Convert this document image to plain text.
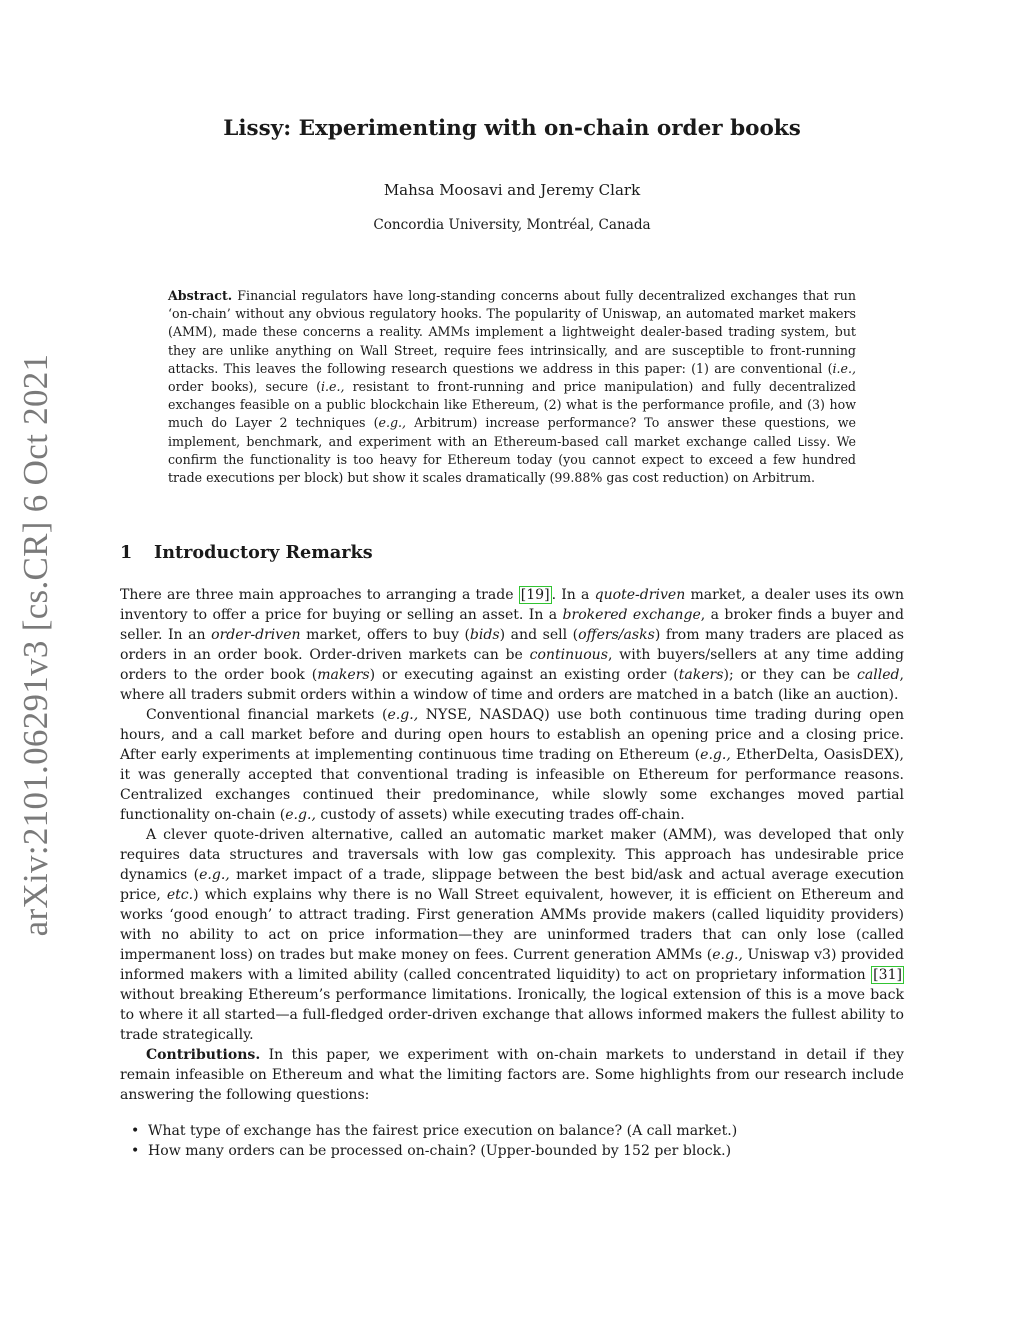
arXiv:2101.06291v3 [cs.CR] 6 Oct 2021
Lissy: Experimenting with on-chain order books
Mahsa Moosavi and Jeremy Clark
Concordia University, Montréal, Canada
Abstract. Financial regulators have long-standing concerns about fully decentralized exchanges that run ‘on-chain’ without any obvious regulatory hooks. The popularity of Uniswap, an automated market makers (AMM), made these concerns a reality. AMMs implement a lightweight dealer-based trading system, but they are unlike anything on Wall Street, require fees intrinsically, and are susceptible to front-running attacks. This leaves the following research questions we address in this paper: (1) are conventional (i.e., order books), secure (i.e., resistant to front-running and price manipulation) and fully decentralized exchanges feasible on a public blockchain like Ethereum, (2) what is the performance profile, and (3) how much do Layer 2 techniques (e.g., Arbitrum) increase performance? To answer these questions, we implement, benchmark, and experiment with an Ethereum-based call market exchange called Lissy. We confirm the functionality is too heavy for Ethereum today (you cannot expect to exceed a few hundred trade executions per block) but show it scales dramatically (99.88% gas cost reduction) on Arbitrum.
1 Introductory Remarks

There are three main approaches to arranging a trade [19] . In a quote-driven market, a dealer uses its own inventory to offer a price for buying or selling an asset. In a brokered exchange, a broker finds a buyer and seller. In an order-driven market, offers to buy (bids) and sell (offers/asks) from many traders are placed as orders in an order book. Order-driven markets can be continuous, with buyers/sellers at any time adding orders to the order book (makers) or executing against an existing order (takers); or they can be called, where all traders submit orders within a window of time and orders are matched in a batch (like an auction).

Conventional financial markets (e.g., NYSE, NASDAQ) use both continuous time trading during open hours, and a call market before and during open hours to establish an opening price and a closing price. After early experiments at implementing continuous time trading on Ethereum (e.g., EtherDelta, OasisDEX), it was generally accepted that conventional trading is infeasible on Ethereum for performance reasons. Centralized exchanges continued their predominance, while slowly some exchanges moved partial functionality on-chain (e.g., custody of assets) while executing trades off-chain.

A clever quote-driven alternative, called an automatic market maker (AMM), was developed that only requires data structures and traversals with low gas complexity. This approach has undesirable price dynamics (e.g., market impact of a trade, slippage between the best bid/ask and actual average execution price, etc.) which explains why there is no Wall Street equivalent, however, it is efficient on Ethereum and works ‘good enough’ to attract trading. First generation AMMs provide makers (called liquidity providers) with no ability to act on price information—they are uninformed traders that can only lose (called impermanent loss) on trades but make money on fees. Current generation AMMs (e.g., Uniswap v3) provided informed makers with a limited ability (called concentrated liquidity) to act on proprietary information [31] without breaking Ethereum’s performance limitations. Ironically, the logical extension of this is a move back to where it all started—a full-fledged order-driven exchange that allows informed makers the fullest ability to trade strategically.

Contributions. In this paper, we experiment with on-chain markets to understand in detail if they remain infeasible on Ethereum and what the limiting factors are. Some highlights from our research include answering the following questions:

• What type of exchange has the fairest price execution on balance? (A call market.)
• How many orders can be processed on-chain? (Upper-bounded by 152 per block.)
